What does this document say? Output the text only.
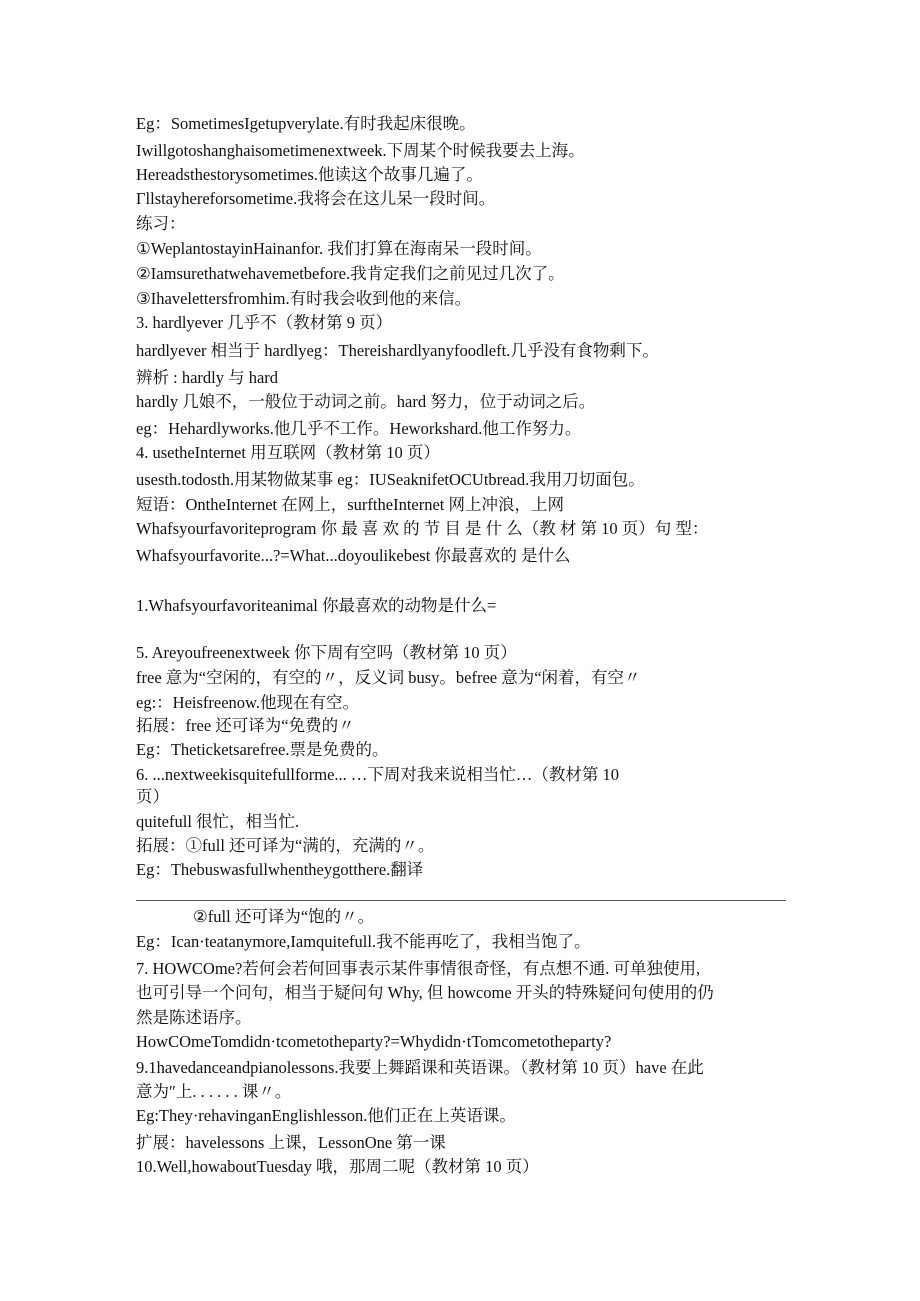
Eg：SometimesIgetupverylate.有时我起床很晚。
Iwillgotoshanghaisometimenextweek.下周某个时候我要去上海。
Hereadsthestorysometimes.他读这个故事几遍了。
Γllstayhereforsometime.我将会在这儿呆一段时间。
练习：
①WeplantostayinHainanfor. 我们打算在海南呆一段时间。
②Iamsurethatwehavemetbefore.我肯定我们之前见过几次了。
③Ihavelettersfromhim.有时我会收到他的来信。
3. hardlyever 几乎不（教材第 9 页）
hardlyever 相当于 hardlyeg：Thereishardlyanyfoodleft.几乎没有食物剩下。
辨析 : hardly 与 hard
hardly 几娘不，一般位于动词之前。hard 努力，位于动词之后。
eg：Hehardlyworks.他几乎不工作。Heworkshard.他工作努力。
4. usetheInternet 用互联网（教材第 10 页）
usesth.todosth.用某物做某事 eg：IUSeaknifetOCUtbread.我用刀切面包。
短语：OntheInternet 在网上，surftheInternet 网上冲浪，上网
Whafsyourfavoriteprogram 你 最 喜 欢 的 节 目 是 什 么（教 材 第 10 页）句 型：
Whafsyourfavorite...?=What...doyoulikebest 你最喜欢的 是什么
1.Whafsyourfavoriteanimal 你最喜欢的动物是什么=
5. Areyoufreenextweek 你下周有空吗（教材第 10 页）
free 意为“空闲的，有空的〃，反义词 busy。befree 意为“闲着，有空〃
eg:：Heisfreenow.他现在有空。
拓展：free 还可译为“免费的〃
Eg：Theticketsarefree.票是免费的。
6. ...nextweekisquitefullforme... …下周对我来说相当忙…（教材第 10
页）
quitefull 很忙，相当忙.
拓展：①full 还可译为“满的，充满的〃。
Eg：Thebuswasfullwhentheygotthere.翻译
②full 还可译为“饱的〃。
Eg：Ican·teatanymore,Iamquitefull.我不能再吃了，我相当饱了。
7. HOWCOme?若何会若何回事表示某件事情很奇怪，有点想不通. 可单独使用,
也可引导一个问句，相当于疑问句 Why, 但 howcome 开头的特殊疑问句使用的仍
然是陈述语序。
HowCOmeTomdidn·tcometotheparty?=Whydidn·tTomcometotheparty?
9.1havedanceandpianolessons.我要上舞蹈课和英语课。（教材第 10 页）have 在此
意为″上. . . . . . 课〃。
Eg:They·rehavinganEnglishlesson.他们正在上英语课。
扩展：havelessons 上课，LessonOne 第一课
10.Well,howaboutTuesday 哦，那周二呢（教材第 10 页）
